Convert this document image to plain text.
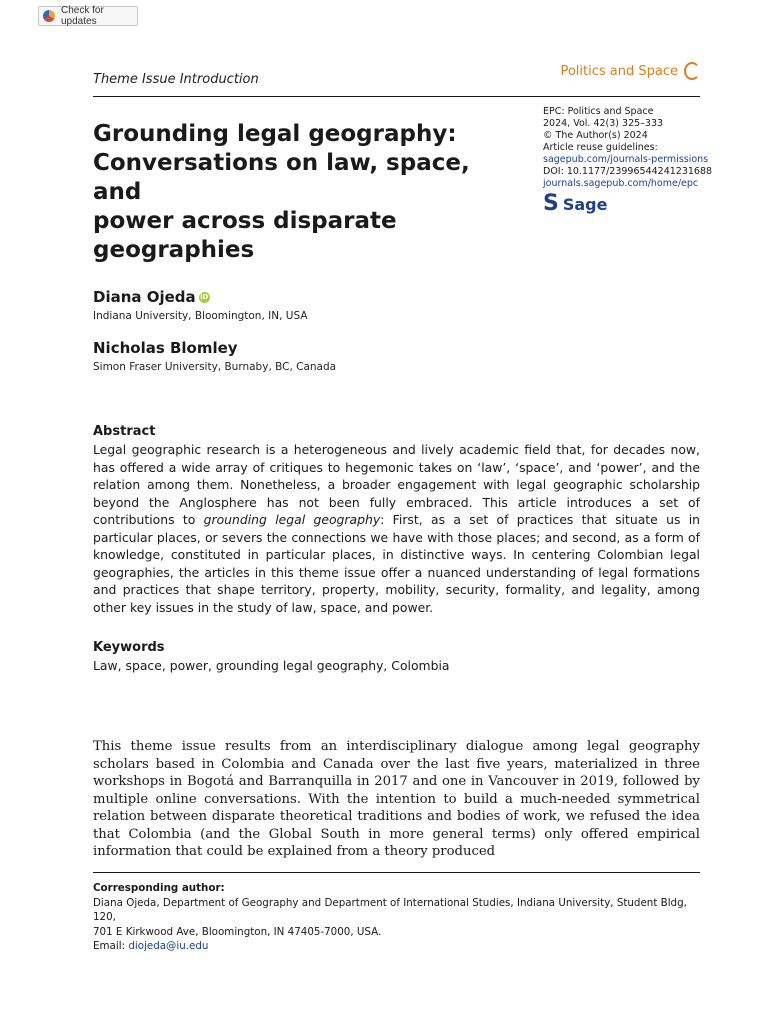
Check for updates
Theme Issue Introduction
Politics and Space
Grounding legal geography:
Conversations on law, space, and
power across disparate
geographies
EPC: Politics and Space
2024, Vol. 42(3) 325–333
© The Author(s) 2024
Article reuse guidelines:
sagepub.com/journals-permissions
DOI: 10.1177/23996544241231688
journals.sagepub.com/home/epc
S Sage
Diana Ojeda iD
Indiana University, Bloomington, IN, USA
Nicholas Blomley
Simon Fraser University, Burnaby, BC, Canada
Abstract

Legal geographic research is a heterogeneous and lively academic field that, for decades now, has offered a wide array of critiques to hegemonic takes on ‘law’, ‘space’, and ‘power’, and the relation among them. Nonetheless, a broader engagement with legal geographic scholarship beyond the Anglosphere has not been fully embraced. This article introduces a set of contributions to grounding legal geography: First, as a set of practices that situate us in particular places, or severs the connections we have with those places; and second, as a form of knowledge, constituted in particular places, in distinctive ways. In centering Colombian legal geographies, the articles in this theme issue offer a nuanced understanding of legal formations and practices that shape territory, property, mobility, security, formality, and legality, among other key issues in the study of law, space, and power.

Keywords

Law, space, power, grounding legal geography, Colombia

This theme issue results from an interdisciplinary dialogue among legal geography scholars based in Colombia and Canada over the last five years, materialized in three workshops in Bogotá and Barranquilla in 2017 and one in Vancouver in 2019, followed by multiple online conversations. With the intention to build a much-needed symmetrical relation between disparate theoretical traditions and bodies of work, we refused the idea that Colombia (and the Global South in more general terms) only offered empirical information that could be explained from a theory produced

Corresponding author:
Diana Ojeda, Department of Geography and Department of International Studies, Indiana University, Student Bldg, 120,
701 E Kirkwood Ave, Bloomington, IN 47405-7000, USA.
Email: diojeda@iu.edu
